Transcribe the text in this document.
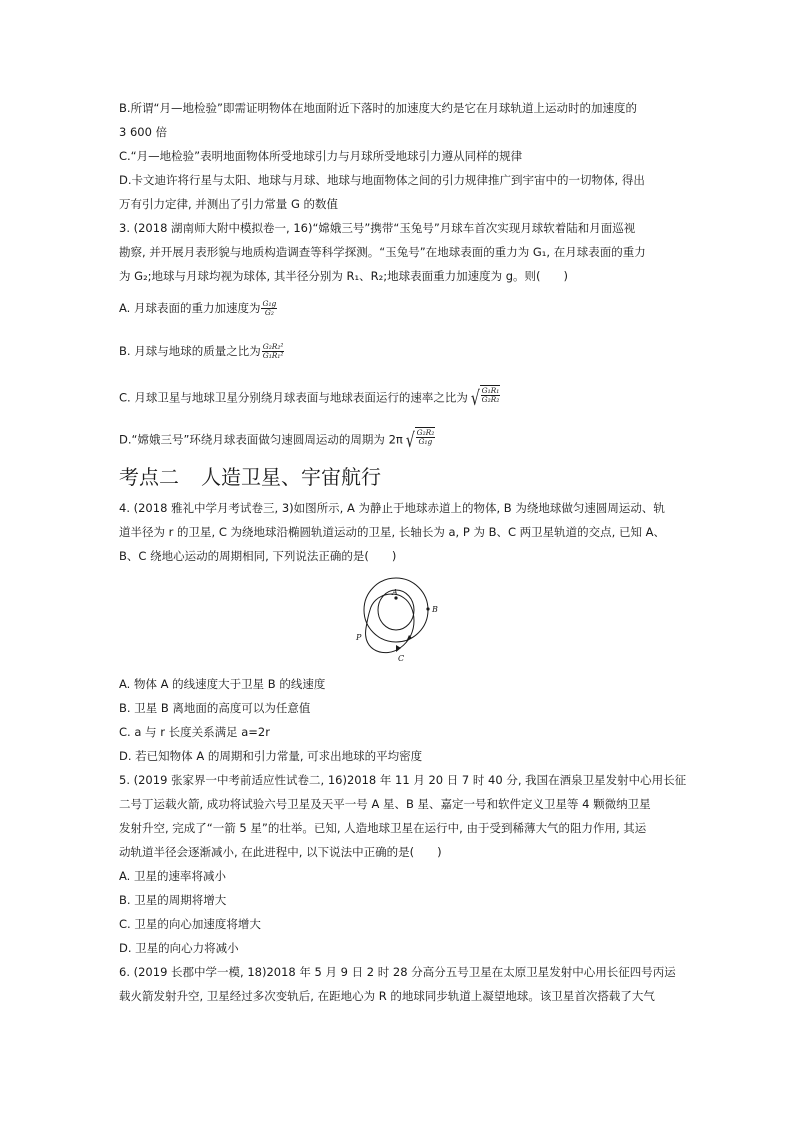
B.所谓“月—地检验”即需证明物体在地面附近下落时的加速度大约是它在月球轨道上运动时的加速度的
3 600 倍
C.“月—地检验”表明地面物体所受地球引力与月球所受地球引力遵从同样的规律
D.卡文迪许将行星与太阳、地球与月球、地球与地面物体之间的引力规律推广到宇宙中的一切物体, 得出
万有引力定律, 并测出了引力常量 G 的数值
3. (2018 湖南师大附中模拟卷一, 16)“嫦娥三号”携带“玉兔号”月球车首次实现月球软着陆和月面巡视
勘察, 并开展月表形貌与地质构造调查等科学探测。“玉兔号”在地球表面的重力为 G₁, 在月球表面的重力
为 G₂;地球与月球均视为球体, 其半径分别为 R₁、R₂;地球表面重力加速度为 g。则(　　)
A. 月球表面的重力加速度为 $\frac{\text{G₁g}}{\text{G₂}}$
B. 月球与地球的质量之比为 $\frac{\text{G₂R₂²}}{\text{G₁R₁²}}$
C. 月球卫星与地球卫星分别绕月球表面与地球表面运行的速率之比为 √ $\frac{\text{G₁R₁}}{\text{G₂R₂}}$
D.“嫦娥三号”环绕月球表面做匀速圆周运动的周期为 2π √ $\frac{\text{G₂R₂}}{\text{G₁g}}$
考点二 人造卫星、宇宙航行
4. (2018 雅礼中学月考试卷三, 3)如图所示, A 为静止于地球赤道上的物体, B 为绕地球做匀速圆周运动、轨
道半径为 r 的卫星, C 为绕地球沿椭圆轨道运动的卫星, 长轴长为 a, P 为 B、C 两卫星轨道的交点, 已知 A、
B、C 绕地心运动的周期相同, 下列说法正确的是(　　)
A
B
P
C
A. 物体 A 的线速度大于卫星 B 的线速度
B. 卫星 B 离地面的高度可以为任意值
C. a 与 r 长度关系满足 a=2r
D. 若已知物体 A 的周期和引力常量, 可求出地球的平均密度
5. (2019 张家界一中考前适应性试卷二, 16)2018 年 11 月 20 日 7 时 40 分, 我国在酒泉卫星发射中心用长征
二号丁运载火箭, 成功将试验六号卫星及天平一号 A 星、B 星、嘉定一号和软件定义卫星等 4 颗微纳卫星
发射升空, 完成了“一箭 5 星”的壮举。已知, 人造地球卫星在运行中, 由于受到稀薄大气的阻力作用, 其运
动轨道半径会逐渐减小, 在此进程中, 以下说法中正确的是(　　)
A. 卫星的速率将减小
B. 卫星的周期将增大
C. 卫星的向心加速度将增大
D. 卫星的向心力将减小
6. (2019 长郡中学一模, 18)2018 年 5 月 9 日 2 时 28 分高分五号卫星在太原卫星发射中心用长征四号丙运
载火箭发射升空, 卫星经过多次变轨后, 在距地心为 R 的地球同步轨道上凝望地球。该卫星首次搭载了大气
